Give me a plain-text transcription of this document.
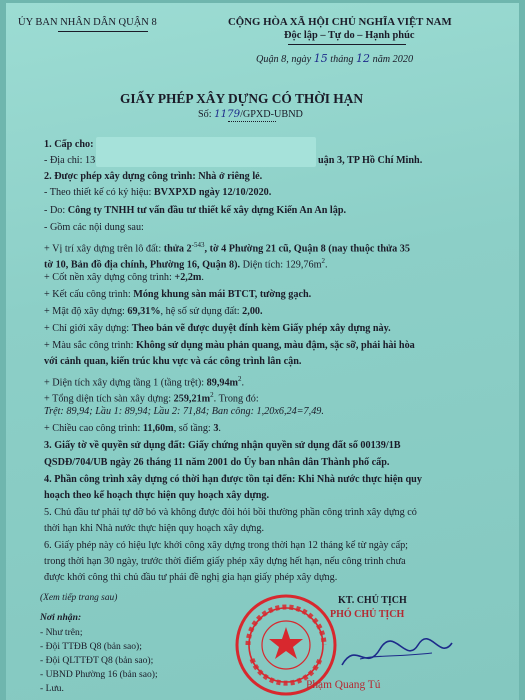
ỦY BAN NHÂN DÂN QUẬN 8	CỘNG HÒA XÃ HỘI CHỦ NGHĨA VIỆT NAM
Độc lập – Tự do – Hạnh phúc
Quận 8, ngày 15 tháng 12 năm 2020
GIẤY PHÉP XÂY DỰNG CÓ THỜI HẠN
Số: 1179/GPXD-UBND
1. Cấp cho:
- Địa chỉ: 13	uận 3, TP Hồ Chí Minh.
2. Được phép xây dựng công trình: Nhà ở riêng lẻ.
- Theo thiết kế có ký hiệu: BVXPXD ngày 12/10/2020.
- Do: Công ty TNHH tư vấn đầu tư thiết kế xây dựng Kiến An An lập.
- Gồm các nội dung sau:
+ Vị trí xây dựng trên lô đất: thửa $2^{-543}$, tờ 4 Phường 21 cũ, Quận 8 (nay thuộc thửa 35
tờ 10, Bản đồ địa chính, Phường 16, Quận 8). Diện tích: $129,76m^2$.
+ Cốt nền xây dựng công trình: +2,2m.
+ Kết cấu công trình: Móng khung sàn mái BTCT, tường gạch.
+ Mật độ xây dựng: 69,31%, hệ số sử dụng đất: 2,00.
+ Chỉ giới xây dựng: Theo bản vẽ được duyệt đính kèm Giấy phép xây dựng này.
+ Màu sắc công trình: Không sử dụng màu phản quang, màu đậm, sặc sỡ, phải hài hòa
với cảnh quan, kiến trúc khu vực và các công trình lân cận.
+ Diện tích xây dựng tầng 1 (tầng trệt): $89,94m^2$.
+ Tổng diện tích sàn xây dựng: $259,21m^2$. Trong đó:
Trệt: 89,94; Lầu 1: 89,94; Lầu 2: 71,84; Ban công: 1,20x6,24=7,49.
+ Chiều cao công trình: 11,60m, số tầng: 3.
3. Giấy tờ về quyền sử dụng đất: Giấy chứng nhận quyền sử dụng đất số 00139/1B
QSDĐ/704/UB ngày 26 tháng 11 năm 2001 do Ủy ban nhân dân Thành phố cấp.
4. Phần công trình xây dựng có thời hạn được tồn tại đến: Khi Nhà nước thực hiện quy
hoạch theo kế hoạch thực hiện quy hoạch xây dựng.
5. Chủ đầu tư phải tự dỡ bỏ và không được đòi hỏi bồi thường phần công trình xây dựng có
thời hạn khi Nhà nước thực hiện quy hoạch xây dựng.
6. Giấy phép này có hiệu lực khởi công xây dựng trong thời hạn 12 tháng kể từ ngày cấp;
trong thời hạn 30 ngày, trước thời điểm giấy phép xây dựng hết hạn, nếu công trình chưa
được khởi công thì chủ đầu tư phải đề nghị gia hạn giấy phép xây dựng.
(Xem tiếp trang sau)
Nơi nhận:
- Như trên;
- Đội TTĐB Q8 (bản sao);
- Đội QLTTĐT Q8 (bản sao);
- UBND Phường 16 (bản sao);
- Lưu.
KT. CHỦ TỊCH
PHÓ CHỦ TỊCH
Phạm Quang Tú
